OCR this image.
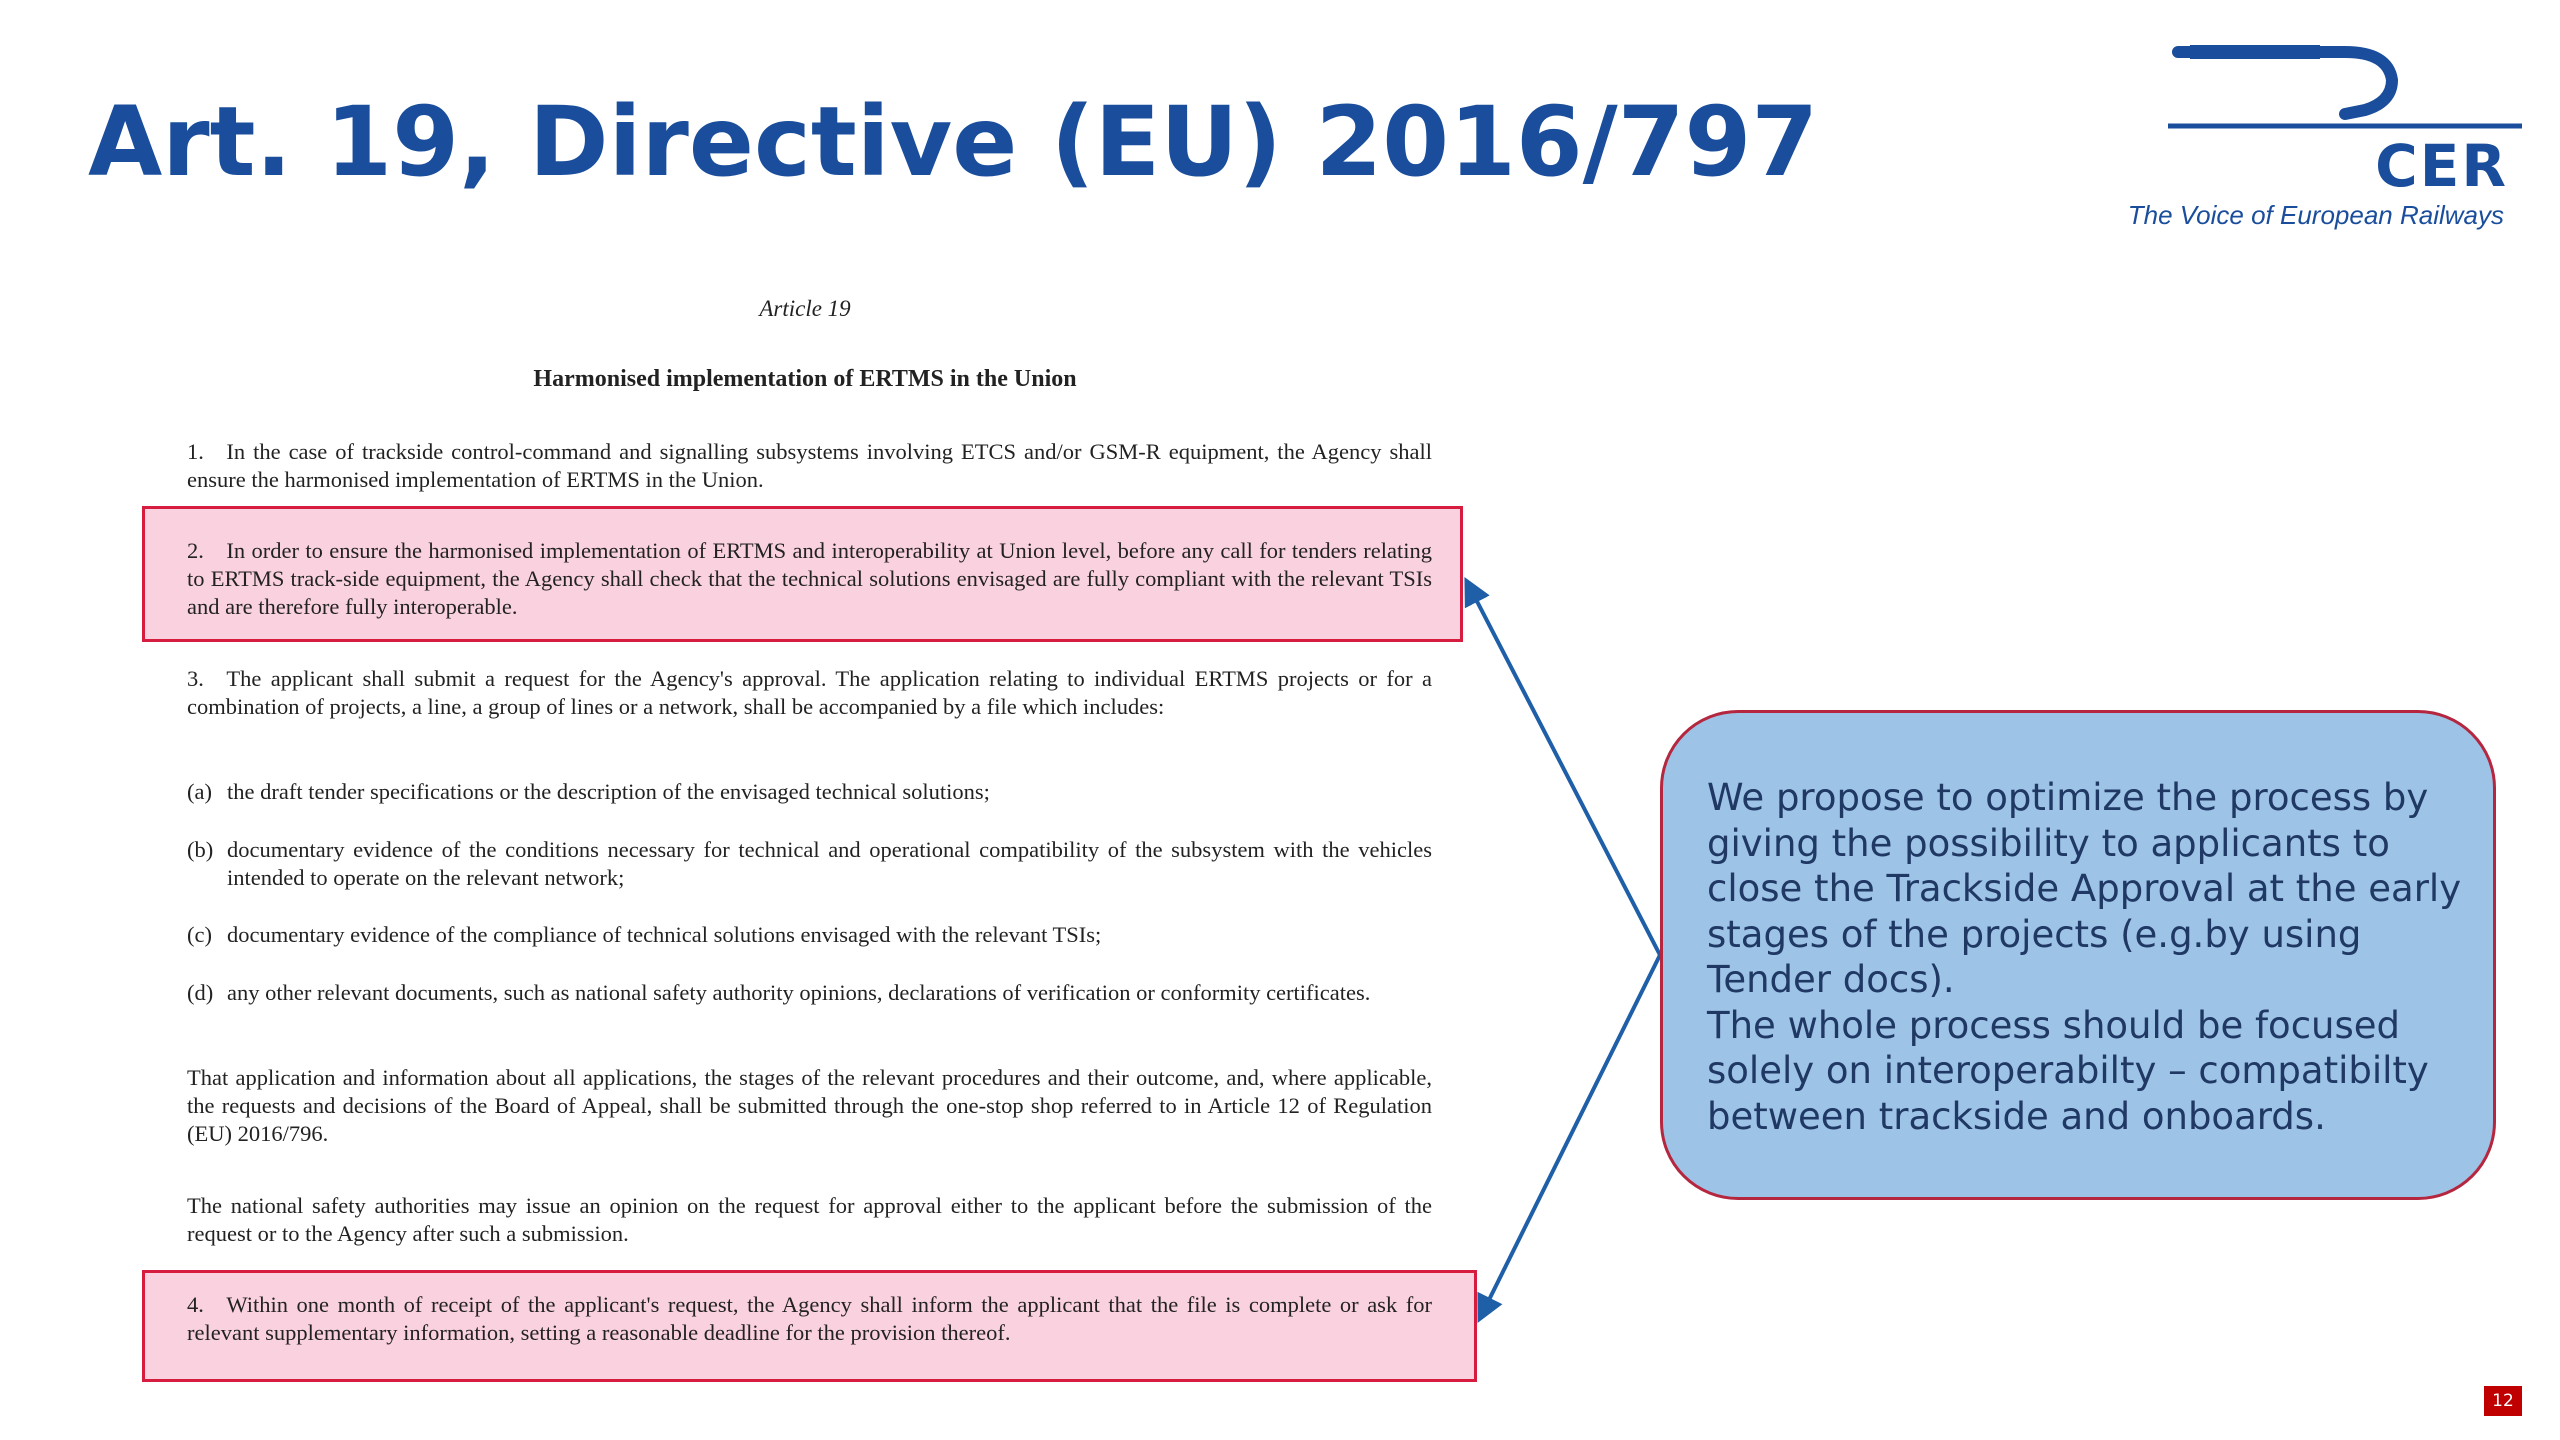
Art. 19, Directive (EU) 2016/797	CER
The Voice of European Railways
Article 19
Harmonised implementation of ERTMS in the Union

1. In the case of trackside control-command and signalling subsystems involving ETCS and/or GSM-R equipment, the Agency shall ensure the harmonised implementation of ERTMS in the Union.

2. In order to ensure the harmonised implementation of ERTMS and interoperability at Union level, before any call for tenders relating to ERTMS track-side equipment, the Agency shall check that the technical solutions envisaged are fully compliant with the relevant TSIs and are therefore fully interoperable.

3. The applicant shall submit a request for the Agency's approval. The application relating to individual ERTMS projects or for a combination of projects, a line, a group of lines or a network, shall be accompanied by a file which includes:

(a) the draft tender specifications or the description of the envisaged technical solutions;

(b) documentary evidence of the conditions necessary for technical and operational compatibility of the subsystem with the vehicles intended to operate on the relevant network;

(c) documentary evidence of the compliance of technical solutions envisaged with the relevant TSIs;

(d) any other relevant documents, such as national safety authority opinions, declarations of verification or conformity certificates.

That application and information about all applications, the stages of the relevant procedures and their outcome, and, where applicable, the requests and decisions of the Board of Appeal, shall be submitted through the one-stop shop referred to in Article 12 of Regulation (EU) 2016/796.

The national safety authorities may issue an opinion on the request for approval either to the applicant before the submission of the request or to the Agency after such a submission.

4. Within one month of receipt of the applicant's request, the Agency shall inform the applicant that the file is complete or ask for relevant supplementary information, setting a reasonable deadline for the provision thereof.

We propose to optimize the process by giving the possibility to applicants to close the Trackside Approval at the early stages of the projects (e.g.by using Tender docs).

The whole process should be focused solely on interoperabilty – compatibilty between trackside and onboards.

12
